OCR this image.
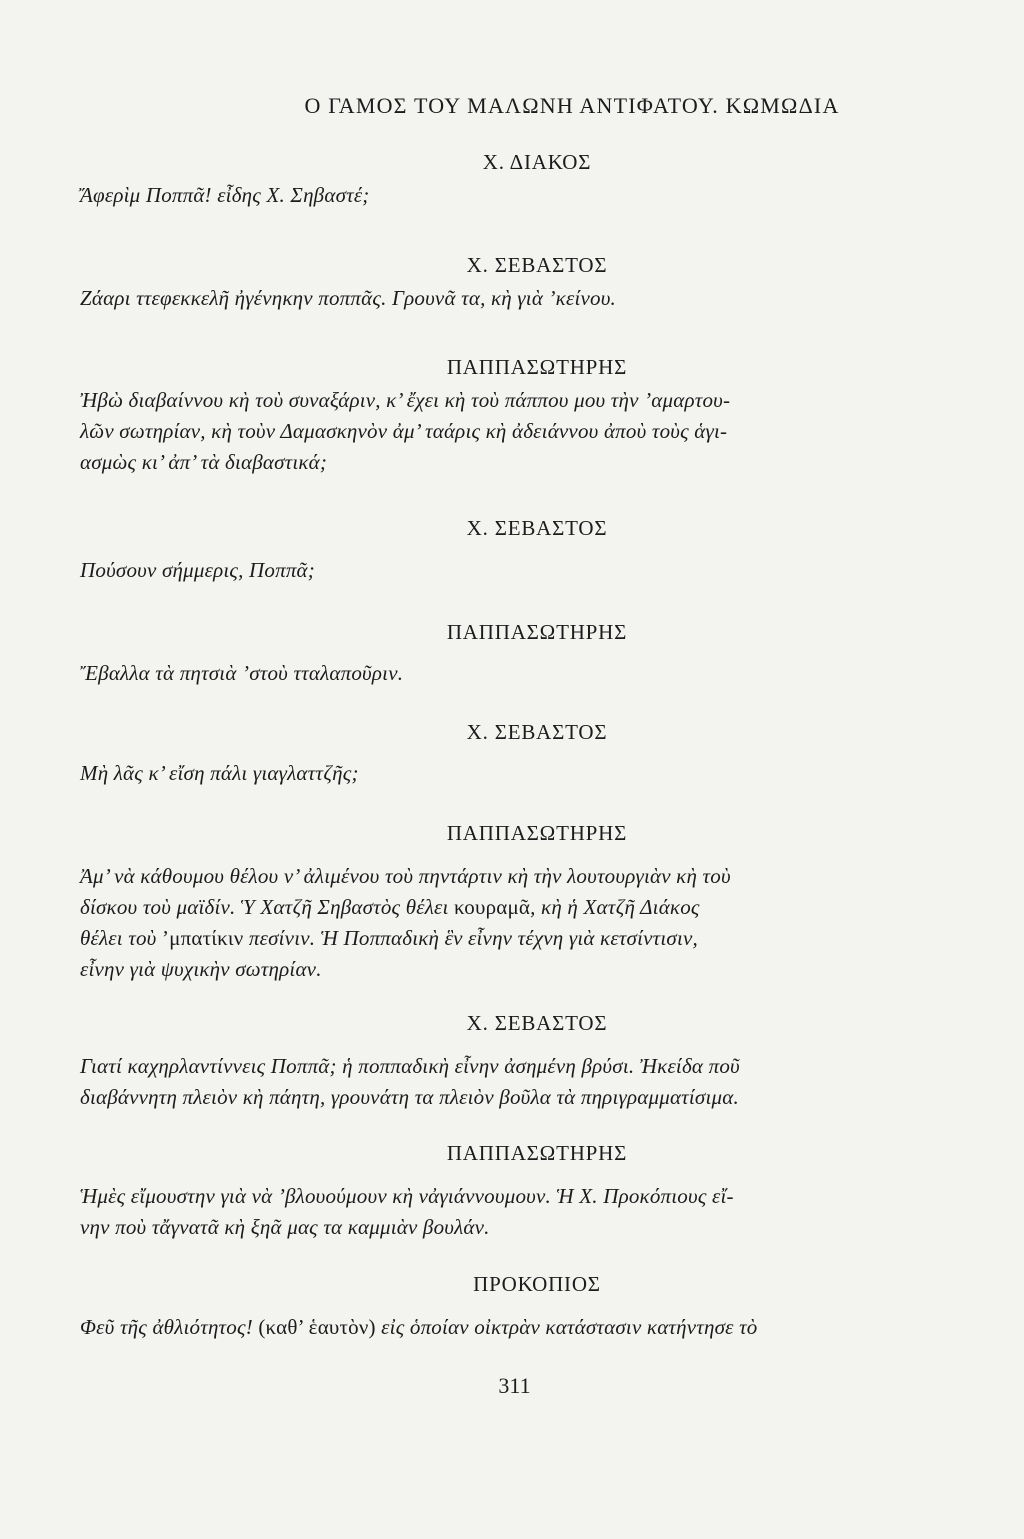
Ο ΓΑΜΟΣ ΤΟΥ ΜΑΛΩΝΗ ΑΝΤΙΦΑΤΟΥ. ΚΩΜΩΔΙΑ

Χ. ΔΙΑΚΟΣ

Ἄφερὶμ Ποππᾶ! εἶδης Χ. Σηβαστέ;

Χ. ΣΕΒΑΣΤΟΣ

Ζάαρι ττεφεκκελῆ ἠγένηκην ποππᾶς. Γρουνᾶ τα, κὴ γιὰ ’κείνου.

ΠΑΠΠΑΣΩΤΗΡΗΣ

Ἠβὼ διαβαίννου κὴ τοὺ συναξάριν, κ’ ἔχει κὴ τοὺ πάππου μου τὴν ’αμαρτου-

λῶν σωτηρίαν, κὴ τοὺν Δαμασκηνὸν ἀμ’ ταάρις κὴ ἀδειάννου ἀποὺ τοὺς ἁγι-

ασμὼς κι’ ἀπ’ τὰ διαβαστικά;

Χ. ΣΕΒΑΣΤΟΣ

Πούσουν σήμμερις, Ποππᾶ;

ΠΑΠΠΑΣΩΤΗΡΗΣ

Ἔβαλλα τὰ πητσιὰ ’στοὺ τταλαποῦριν.

Χ. ΣΕΒΑΣΤΟΣ

Μὴ λᾶς κ’ εἴση πάλι γιαγλαττζῆς;

ΠΑΠΠΑΣΩΤΗΡΗΣ

Ἀμ’ νὰ κάθουμου θέλου ν’ ἀλιμένου τοὺ πηντάρτιν κὴ τὴν λουτουργιὰν κὴ τοὺ

δίσκου τοὺ μαϊδίν. Ὑ Χατζῆ Σηβαστὸς θέλει κουραμᾶ, κὴ ἡ Χατζῆ Διάκος

θέλει τοὺ ’μπατίκιν πεσίνιν. Ἡ Ποππαδικὴ ἓν εἶνην τέχνη γιὰ κετσίντισιν,

εἶνην γιὰ ψυχικὴν σωτηρίαν.

Χ. ΣΕΒΑΣΤΟΣ

Γιατί καχηρλαντίννεις Ποππᾶ; ἡ ποππαδικὴ εἶνην ἀσημένη βρύσι. Ἠκείδα ποῦ

διαβάννητη πλειὸν κὴ πάητη, γρουνάτη τα πλειὸν βοῦλα τὰ πηριγραμματίσιμα.

ΠΑΠΠΑΣΩΤΗΡΗΣ

Ἡμὲς εἴμουστην γιὰ νὰ ’βλουούμουν κὴ νἀγιάννουμουν. Ἡ Χ. Προκόπιους εἴ-

νην ποὺ τἄγνατᾶ κὴ ξηᾶ μας τα καμμιὰν βουλάν.

ΠΡΟΚΟΠΙΟΣ

Φεῦ τῆς ἀθλιότητος! (καθ’ ἑαυτὸν) εἰς ὁποίαν οἰκτρὰν κατάστασιν κατήντησε τὸ

311
